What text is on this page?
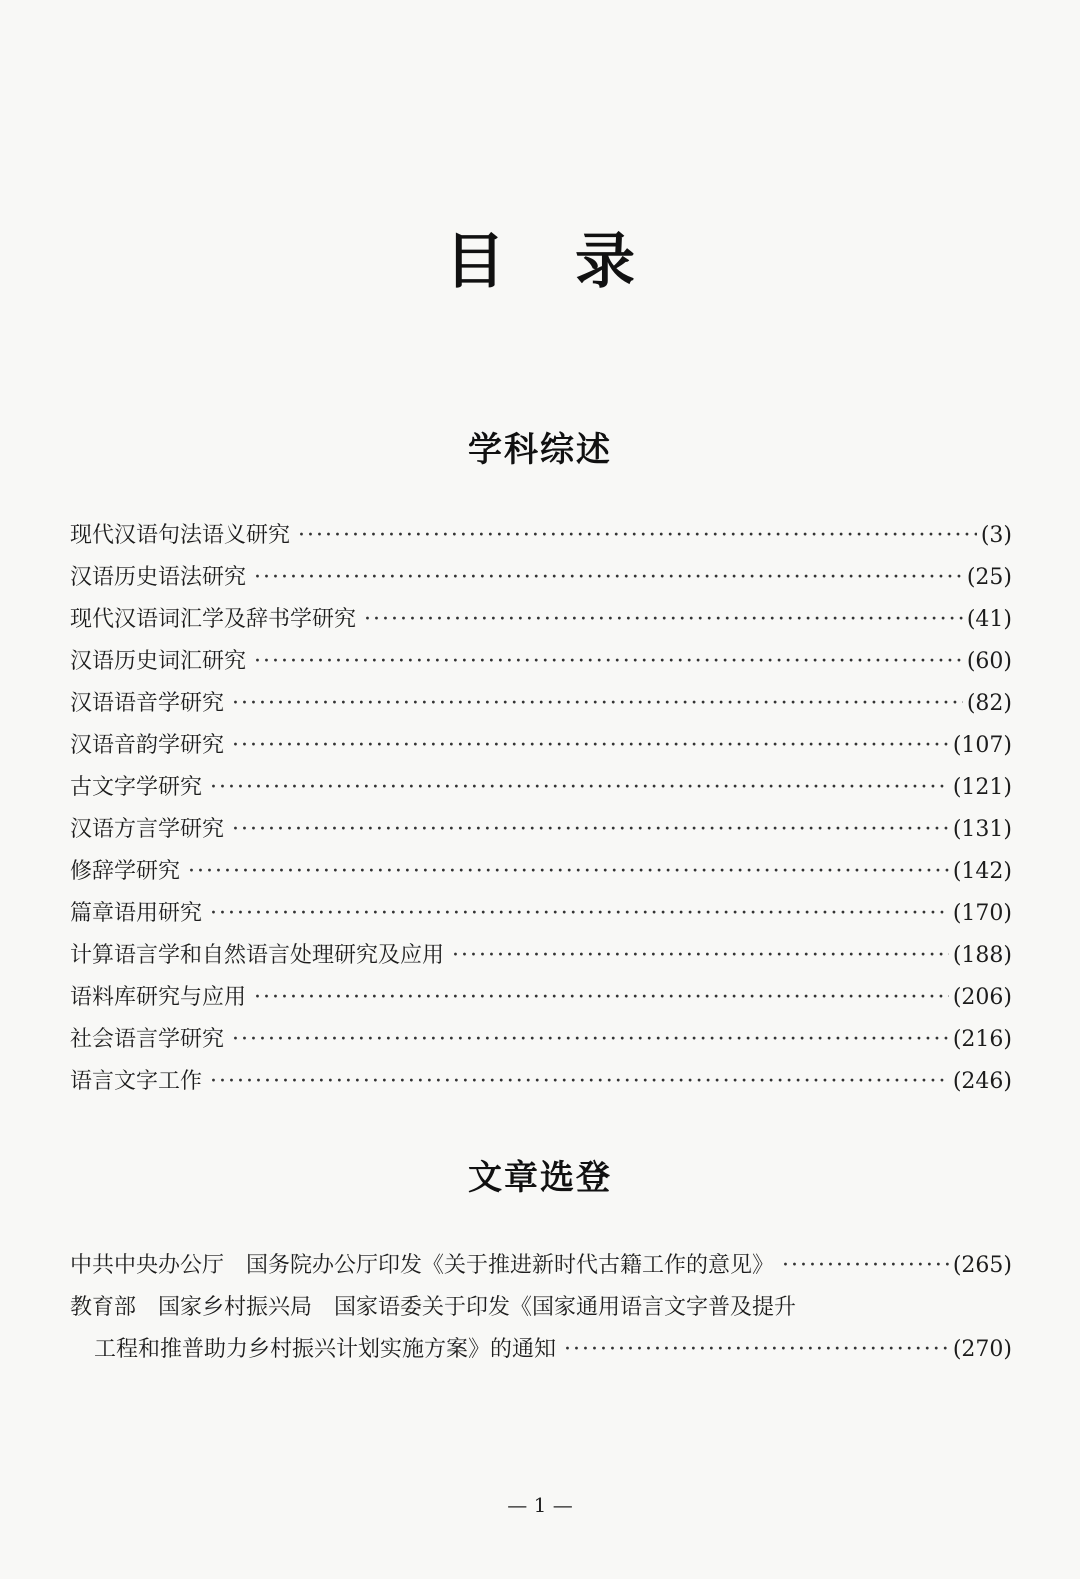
目录
学科综述
现代汉语句法语义研究 ·····	(3)
汉语历史语法研究 ·····	(25)
现代汉语词汇学及辞书学研究 ·····	(41)
汉语历史词汇研究 ·····	(60)
汉语语音学研究 ·····	(82)
汉语音韵学研究 ·····	(107)
古文字学研究 ·····	(121)
汉语方言学研究 ·····	(131)
修辞学研究 ·····	(142)
篇章语用研究 ·····	(170)
计算语言学和自然语言处理研究及应用 ·····	(188)
语料库研究与应用 ·····	(206)
社会语言学研究 ·····	(216)
语言文字工作 ·····	(246)
文章选登
中共中央办公厅　国务院办公厅印发《关于推进新时代古籍工作的意见》 ·····	(265)
教育部　国家乡村振兴局　国家语委关于印发《国家通用语言文字普及提升
工程和推普助力乡村振兴计划实施方案》的通知 ·····	(270)
— 1 —
